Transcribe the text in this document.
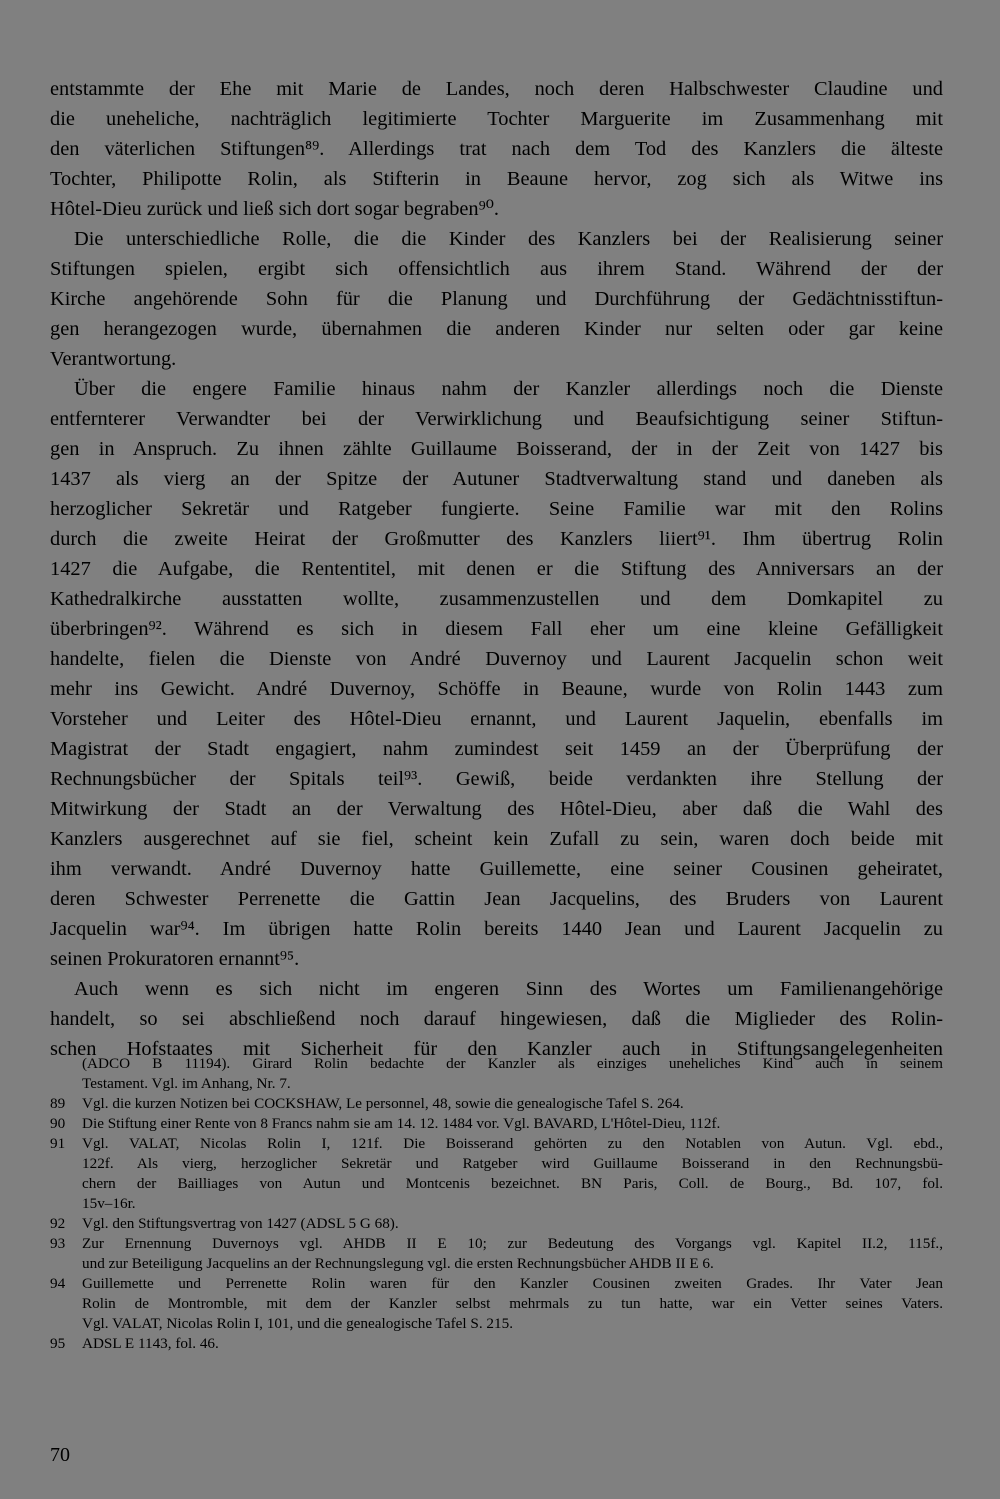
entstammte der Ehe mit Marie de Landes, noch deren Halbschwester Claudine und
die uneheliche, nachträglich legitimierte Tochter Marguerite im Zusammenhang mit
den väterlichen Stiftungen⁸⁹. Allerdings trat nach dem Tod des Kanzlers die älteste
Tochter, Philipotte Rolin, als Stifterin in Beaune hervor, zog sich als Witwe ins
Hôtel-Dieu zurück und ließ sich dort sogar begraben⁹⁰.
Die unterschiedliche Rolle, die die Kinder des Kanzlers bei der Realisierung seiner
Stiftungen spielen, ergibt sich offensichtlich aus ihrem Stand. Während der der
Kirche angehörende Sohn für die Planung und Durchführung der Gedächtnisstiftun-
gen herangezogen wurde, übernahmen die anderen Kinder nur selten oder gar keine
Verantwortung.
Über die engere Familie hinaus nahm der Kanzler allerdings noch die Dienste
entfernterer Verwandter bei der Verwirklichung und Beaufsichtigung seiner Stiftun-
gen in Anspruch. Zu ihnen zählte Guillaume Boisserand, der in der Zeit von 1427 bis
1437 als vierg an der Spitze der Autuner Stadtverwaltung stand und daneben als
herzoglicher Sekretär und Ratgeber fungierte. Seine Familie war mit den Rolins
durch die zweite Heirat der Großmutter des Kanzlers liiert⁹¹. Ihm übertrug Rolin
1427 die Aufgabe, die Rententitel, mit denen er die Stiftung des Anniversars an der
Kathedralkirche ausstatten wollte, zusammenzustellen und dem Domkapitel zu
überbringen⁹². Während es sich in diesem Fall eher um eine kleine Gefälligkeit
handelte, fielen die Dienste von André Duvernoy und Laurent Jacquelin schon weit
mehr ins Gewicht. André Duvernoy, Schöffe in Beaune, wurde von Rolin 1443 zum
Vorsteher und Leiter des Hôtel-Dieu ernannt, und Laurent Jaquelin, ebenfalls im
Magistrat der Stadt engagiert, nahm zumindest seit 1459 an der Überprüfung der
Rechnungsbücher der Spitals teil⁹³. Gewiß, beide verdankten ihre Stellung der
Mitwirkung der Stadt an der Verwaltung des Hôtel-Dieu, aber daß die Wahl des
Kanzlers ausgerechnet auf sie fiel, scheint kein Zufall zu sein, waren doch beide mit
ihm verwandt. André Duvernoy hatte Guillemette, eine seiner Cousinen geheiratet,
deren Schwester Perrenette die Gattin Jean Jacquelins, des Bruders von Laurent
Jacquelin war⁹⁴. Im übrigen hatte Rolin bereits 1440 Jean und Laurent Jacquelin zu
seinen Prokuratoren ernannt⁹⁵.
Auch wenn es sich nicht im engeren Sinn des Wortes um Familienangehörige
handelt, so sei abschließend noch darauf hingewiesen, daß die Miglieder des Rolin-
schen Hofstaates mit Sicherheit für den Kanzler auch in Stiftungsangelegenheiten
(ADCO B 11194). Girard Rolin bedachte der Kanzler als einziges uneheliches Kind auch in seinem
Testament. Vgl. im Anhang, Nr. 7.
89 Vgl. die kurzen Notizen bei COCKSHAW, Le personnel, 48, sowie die genealogische Tafel S. 264.
90 Die Stiftung einer Rente von 8 Francs nahm sie am 14. 12. 1484 vor. Vgl. BAVARD, L'Hôtel-Dieu, 112f.
91 Vgl. VALAT, Nicolas Rolin I, 121f. Die Boisserand gehörten zu den Notablen von Autun. Vgl. ebd.,
122f. Als vierg, herzoglicher Sekretär und Ratgeber wird Guillaume Boisserand in den Rechnungsbü-
chern der Bailliages von Autun und Montcenis bezeichnet. BN Paris, Coll. de Bourg., Bd. 107, fol.
15v–16r.
92 Vgl. den Stiftungsvertrag von 1427 (ADSL 5 G 68).
93 Zur Ernennung Duvernoys vgl. AHDB II E 10; zur Bedeutung des Vorgangs vgl. Kapitel II.2, 115f.,
und zur Beteiligung Jacquelins an der Rechnungslegung vgl. die ersten Rechnungsbücher AHDB II E 6.
94 Guillemette und Perrenette Rolin waren für den Kanzler Cousinen zweiten Grades. Ihr Vater Jean
Rolin de Montromble, mit dem der Kanzler selbst mehrmals zu tun hatte, war ein Vetter seines Vaters.
Vgl. VALAT, Nicolas Rolin I, 101, und die genealogische Tafel S. 215.
95 ADSL E 1143, fol. 46.
70
